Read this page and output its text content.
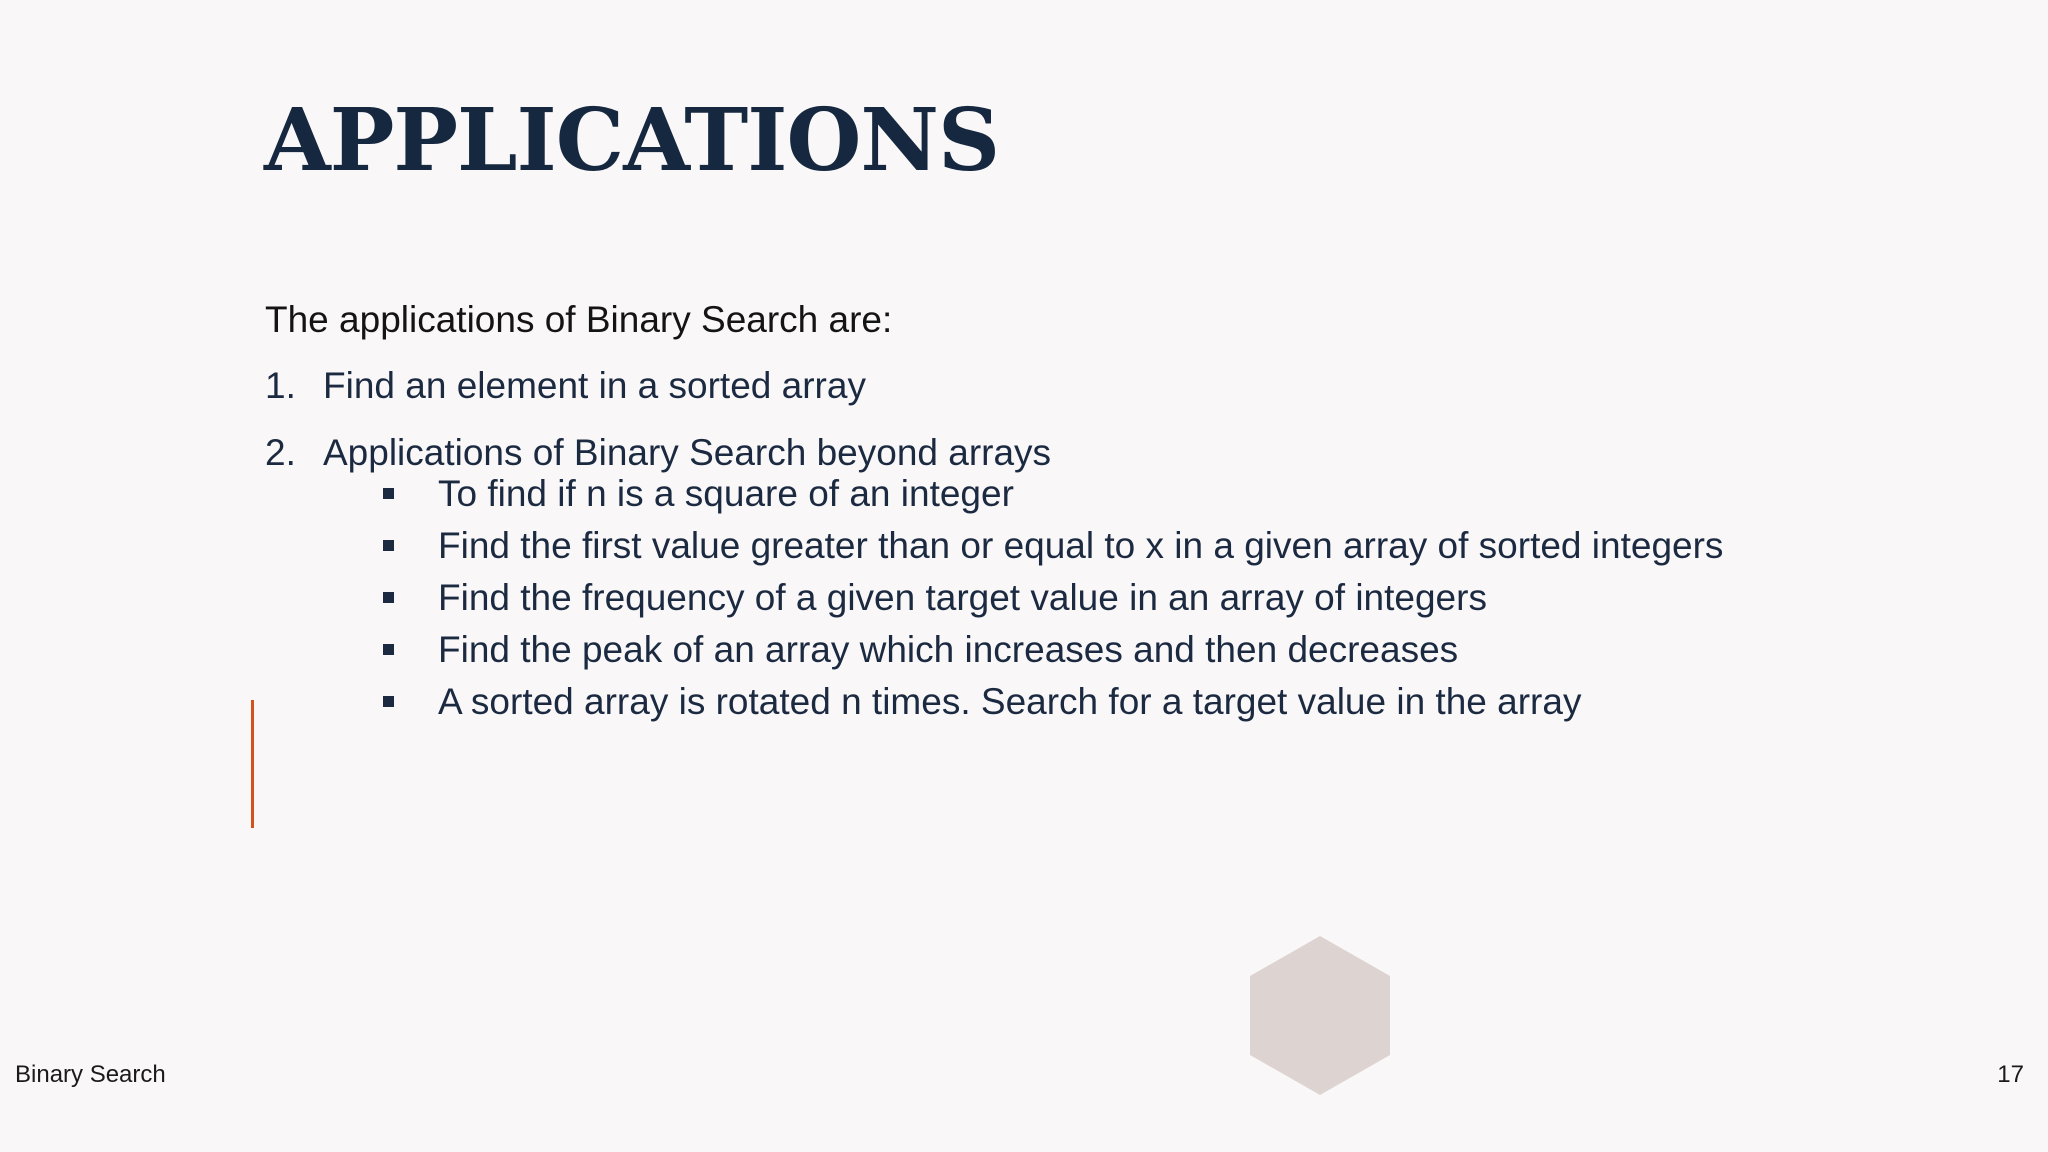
APPLICATIONS

The applications of Binary Search are:

1. Find an element in a sorted array
2. Applications of Binary Search beyond arrays
To find if n is a square of an integer
Find the first value greater than or equal to x in a given array of sorted integers
Find the frequency of a given target value in an array of integers
Find the peak of an array which increases and then decreases
A sorted array is rotated n times. Search for a target value in the array
Binary Search	17
